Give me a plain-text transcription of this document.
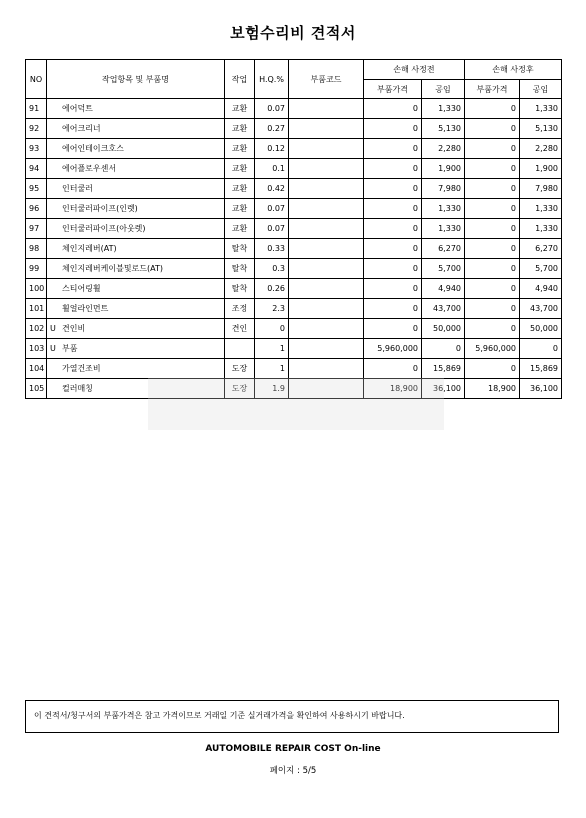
보험수리비 견적서
NO	작업항목 및 부품명	작업	H.Q.%	부품코드	손해 사정전		손해 사정후	
					부품가격	공임	부품가격	공임
91	에어덕트	교환	0.07		0	1,330	0	1,330
92	에어크리너	교환	0.27		0	5,130	0	5,130
93	에어인테이크호스	교환	0.12		0	2,280	0	2,280
94	에어플로우센서	교환	0.1		0	1,900	0	1,900
95	인터쿨러	교환	0.42		0	7,980	0	7,980
96	인터쿨러파이프(인렛)	교환	0.07		0	1,330	0	1,330
97	인터쿨러파이프(아웃렛)	교환	0.07		0	1,330	0	1,330
98	체인지레버(AT)	탈착	0.33		0	6,270	0	6,270
99	체인지레버케이블및로드(AT)	탈착	0.3		0	5,700	0	5,700
100	스티어링휠	탈착	0.26		0	4,940	0	4,940
101	휠얼라인먼트	조정	2.3		0	43,700	0	43,700
102	U 견인비	견인	0		0	50,000	0	50,000
103	U 부품		1		5,960,000	0	5,960,000	0
104	가열건조비	도장	1		0	15,869	0	15,869
105	컬러매칭	도장	1.9		18,900	36,100	18,900	36,100
이 견적서/청구서의 부품가격은 참고 가격이므로 거래일 기준 실거래가격을 확인하여 사용하시기 바랍니다.
AUTOMOBILE REPAIR COST On-line
페이지 : 5/5
